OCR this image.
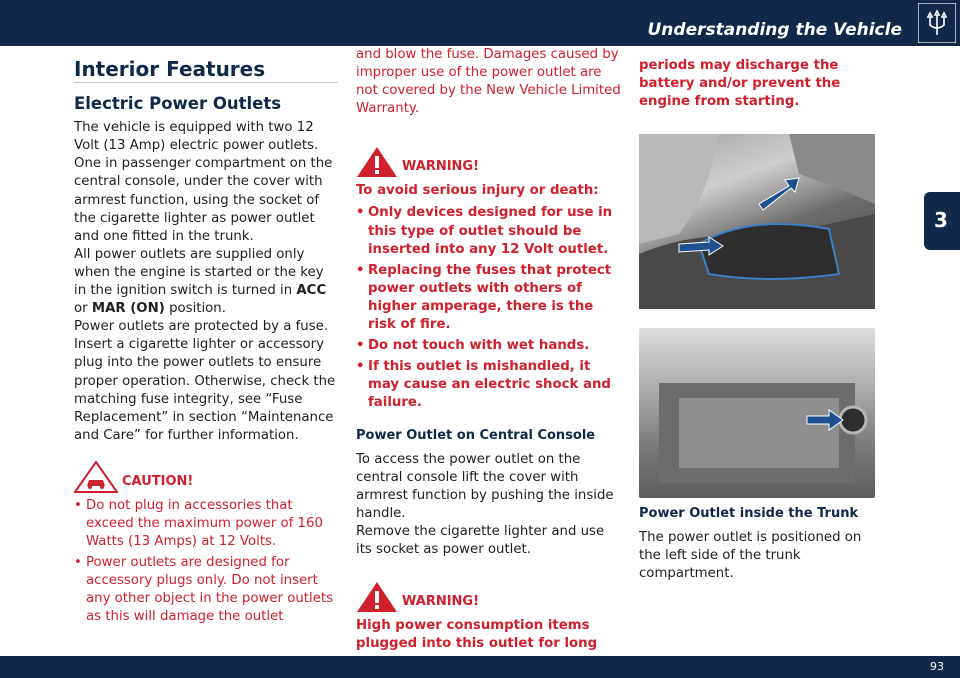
Understanding the Vehicle
3
Interior Features
Electric Power Outlets

The vehicle is equipped with two 12 Volt (13 Amp) electric power outlets. One in passenger compartment on the central console, under the cover with armrest function, using the socket of the cigarette lighter as power outlet and one fitted in the trunk.

All power outlets are supplied only when the engine is started or the key in the ignition switch is turned in ACC or MAR (ON) position.

Power outlets are protected by a fuse. Insert a cigarette lighter or accessory plug into the power outlets to ensure proper operation. Otherwise, check the matching fuse integrity, see “Fuse Replacement” in section “Maintenance and Care” for further information.

CAUTION!
• Do not plug in accessories that exceed the maximum power of 160 Watts (13 Amps) at 12 Volts.
• Power outlets are designed for accessory plugs only. Do not insert any other object in the power outlets as this will damage the outlet

and blow the fuse. Damages caused by improper use of the power outlet are not covered by the New Vehicle Limited Warranty.

WARNING!

To avoid serious injury or death:

• Only devices designed for use in this type of outlet should be inserted into any 12 Volt outlet.
• Replacing the fuses that protect power outlets with others of higher amperage, there is the risk of fire.
• Do not touch with wet hands.
• If this outlet is mishandled, it may cause an electric shock and failure.
Power Outlet on Central Console

To access the power outlet on the central console lift the cover with armrest function by pushing the inside handle.

Remove the cigarette lighter and use its socket as power outlet.

WARNING!

High power consumption items plugged into this outlet for long

periods may discharge the battery and/or prevent the engine from starting.

Power Outlet inside the Trunk

The power outlet is positioned on the left side of the trunk compartment.

93
